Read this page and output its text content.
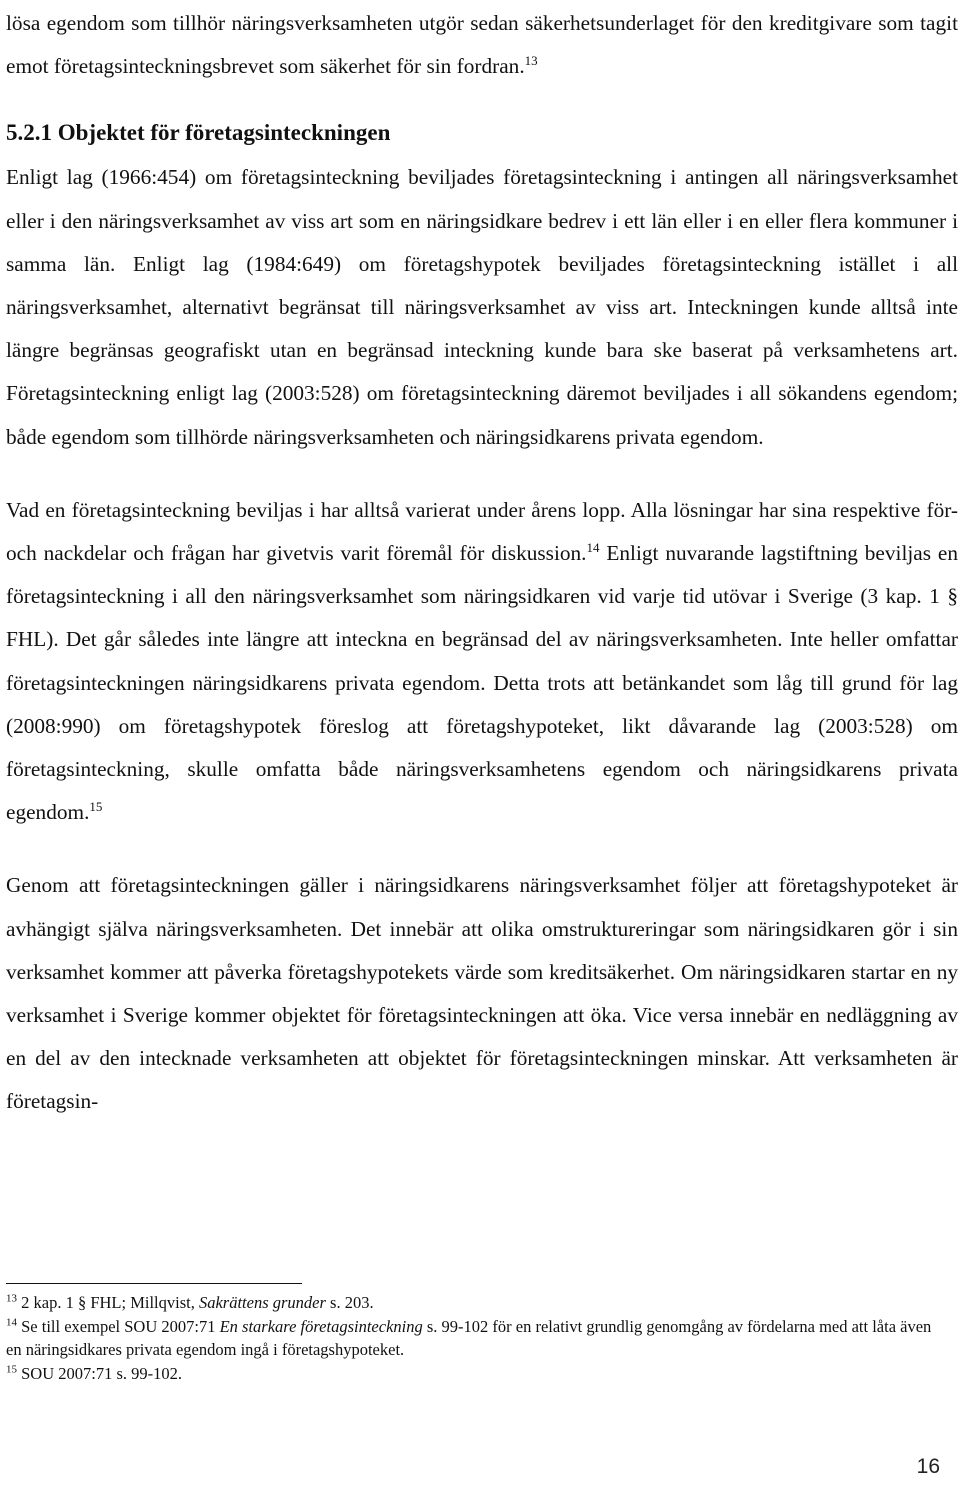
lösa egendom som tillhör näringsverksamheten utgör sedan säkerhetsunderlaget för den kreditgivare som tagit emot företagsinteckningsbrevet som säkerhet för sin fordran.$^{13}$

5.2.1 Objektet för företagsinteckningen

Enligt lag (1966:454) om företagsinteckning beviljades företagsinteckning i antingen all näringsverksamhet eller i den näringsverksamhet av viss art som en näringsidkare bedrev i ett län eller i en eller flera kommuner i samma län. Enligt lag (1984:649) om företagshypotek beviljades företagsinteckning istället i all näringsverksamhet, alternativt begränsat till näringsverksamhet av viss art. Inteckningen kunde alltså inte längre begränsas geografiskt utan en begränsad inteckning kunde bara ske baserat på verksamhetens art. Företagsinteckning enligt lag (2003:528) om företagsinteckning däremot beviljades i all sökandens egendom; både egendom som tillhörde näringsverksamheten och näringsidkarens privata egendom.

Vad en företagsinteckning beviljas i har alltså varierat under årens lopp. Alla lösningar har sina respektive för- och nackdelar och frågan har givetvis varit föremål för diskussion.$^{14}$ Enligt nuvarande lagstiftning beviljas en företagsinteckning i all den näringsverksamhet som näringsidkaren vid varje tid utövar i Sverige (3 kap. 1 § FHL). Det går således inte längre att inteckna en begränsad del av näringsverksamheten. Inte heller omfattar företagsinteckningen näringsidkarens privata egendom. Detta trots att betänkandet som låg till grund för lag (2008:990) om företagshypotek föreslog att företagshypoteket, likt dåvarande lag (2003:528) om företagsinteckning, skulle omfatta både näringsverksamhetens egendom och näringsidkarens privata egendom.$^{15}$

Genom att företagsinteckningen gäller i näringsidkarens näringsverksamhet följer att företagshypoteket är avhängigt själva näringsverksamheten. Det innebär att olika omstruktureringar som näringsidkaren gör i sin verksamhet kommer att påverka företagshypotekets värde som kreditsäkerhet. Om näringsidkaren startar en ny verksamhet i Sverige kommer objektet för företagsinteckningen att öka. Vice versa innebär en nedläggning av en del av den intecknade verksamheten att objektet för företagsinteckningen minskar. Att verksamheten är företagsin-

$^{13}$ 2 kap. 1 § FHL; Millqvist, Sakrättens grunder s. 203.

$^{14}$ Se till exempel SOU 2007:71 En starkare företagsinteckning s. 99-102 för en relativt grundlig genomgång av fördelarna med att låta även en näringsidkares privata egendom ingå i företagshypoteket.

$^{15}$ SOU 2007:71 s. 99-102.

16
